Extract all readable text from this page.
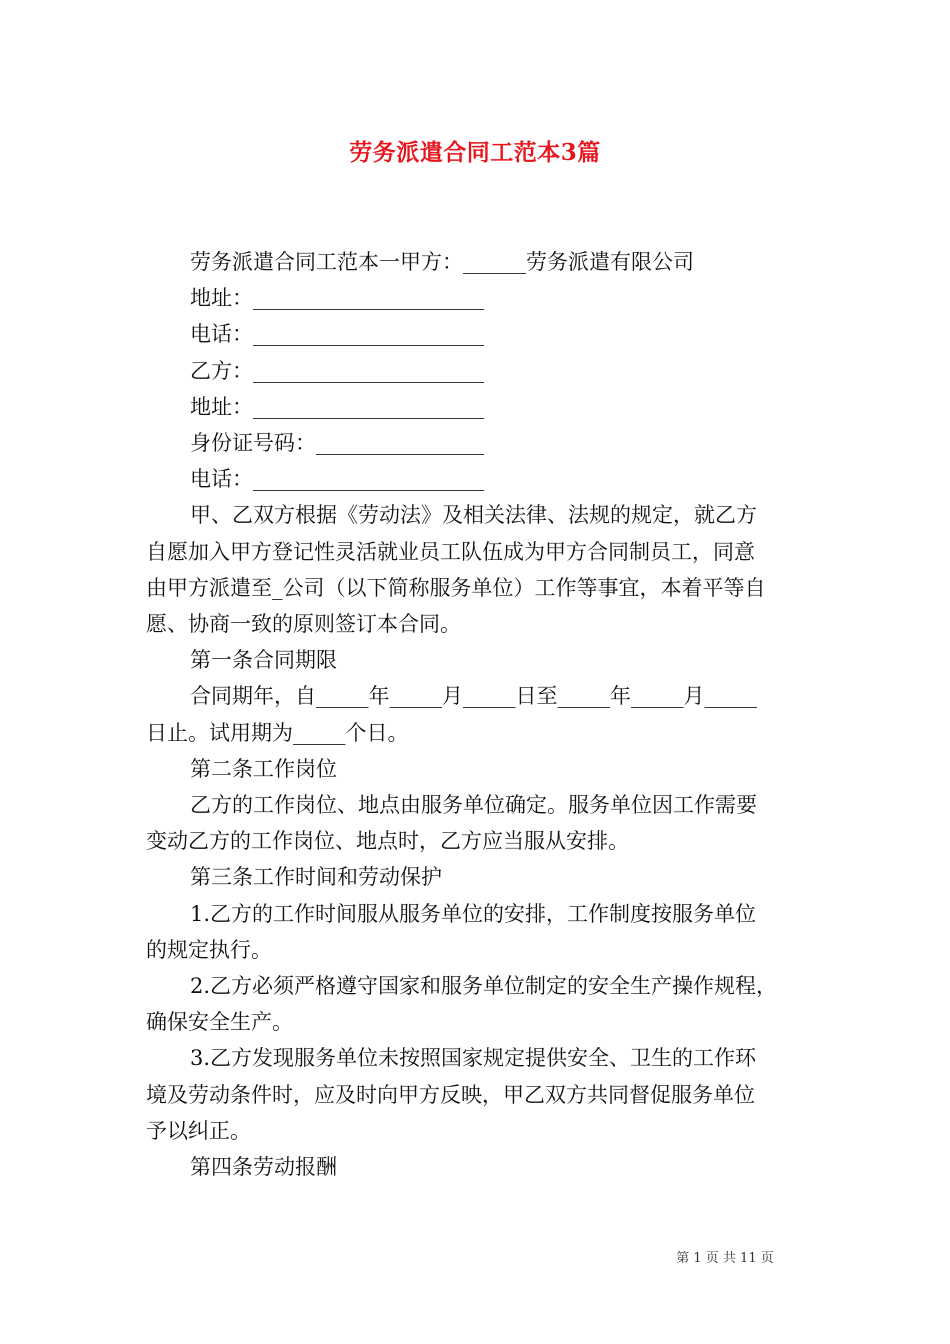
劳务派遣合同工范本3篇
劳务派遣合同工范本一甲方：______劳务派遣有限公司
地址：______________________
电话：______________________
乙方：______________________
地址：______________________
身份证号码：________________
电话：______________________
甲、乙双方根据《劳动法》及相关法律、法规的规定，就乙方
自愿加入甲方登记性灵活就业员工队伍成为甲方合同制员工，同意
由甲方派遣至_公司（以下简称服务单位）工作等事宜，本着平等自
愿、协商一致的原则签订本合同。
第一条合同期限
合同期年，自_____年_____月_____日至_____年_____月_____
日止。试用期为_____个日。
第二条工作岗位
乙方的工作岗位、地点由服务单位确定。服务单位因工作需要
变动乙方的工作岗位、地点时，乙方应当服从安排。
第三条工作时间和劳动保护
1.乙方的工作时间服从服务单位的安排，工作制度按服务单位
的规定执行。
2.乙方必须严格遵守国家和服务单位制定的安全生产操作规程，
确保安全生产。
3.乙方发现服务单位未按照国家规定提供安全、卫生的工作环
境及劳动条件时，应及时向甲方反映，甲乙双方共同督促服务单位
予以纠正。
第四条劳动报酬
第 1 页 共 11 页
